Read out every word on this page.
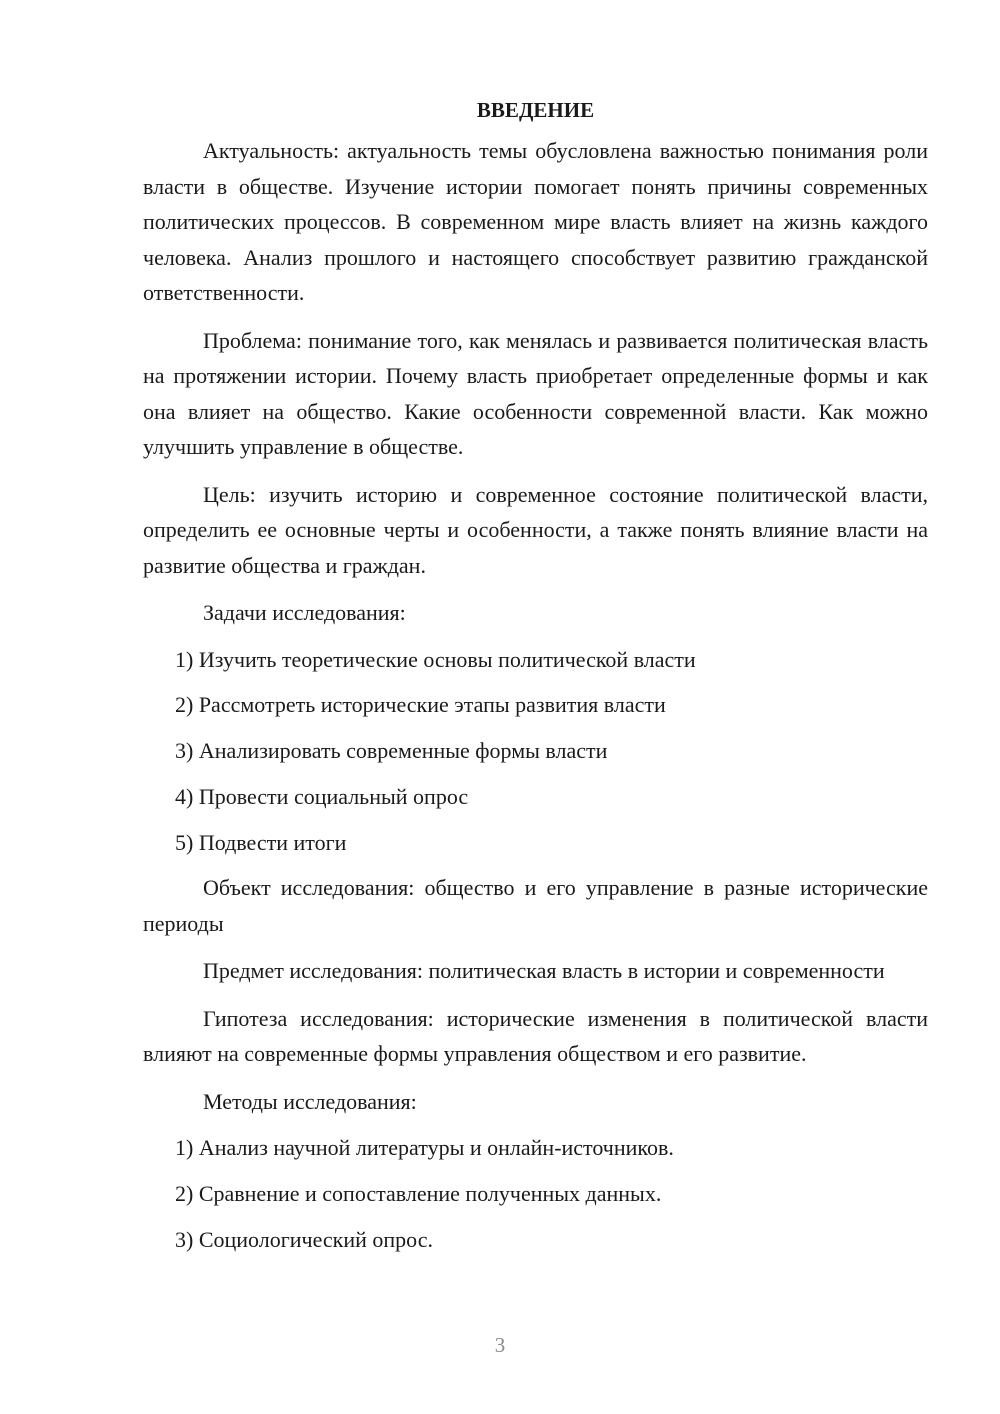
ВВЕДЕНИЕ

Актуальность: актуальность темы обусловлена важностью понимания роли власти в обществе. Изучение истории помогает понять причины современных политических процессов. В современном мире власть влияет на жизнь каждого человека. Анализ прошлого и настоящего способствует развитию гражданской ответственности.

Проблема: понимание того, как менялась и развивается политическая власть на протяжении истории. Почему власть приобретает определенные формы и как она влияет на общество. Какие особенности современной власти. Как можно улучшить управление в обществе.

Цель: изучить историю и современное состояние политической власти, определить ее основные черты и особенности, а также понять влияние власти на развитие общества и граждан.

Задачи исследования:
1) Изучить теоретические основы политической власти
2) Рассмотреть исторические этапы развития власти
3) Анализировать современные формы власти
4) Провести социальный опрос
5) Подвести итоги

Объект исследования: общество и его управление в разные исторические периоды

Предмет исследования: политическая власть в истории и современности

Гипотеза исследования: исторические изменения в политической власти влияют на современные формы управления обществом и его развитие.

Методы исследования:
1) Анализ научной литературы и онлайн-источников.
2) Сравнение и сопоставление полученных данных.
3) Социологический опрос.
3
